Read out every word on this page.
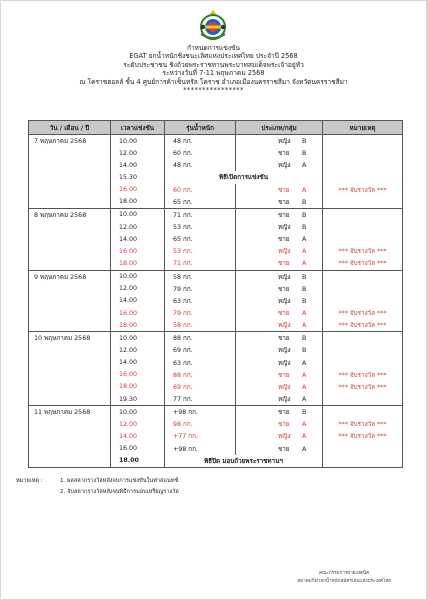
กำหนดการแข่งขัน
EGAT ยกน้ำหนักชิงชนะเลิศแห่งประเทศไทย ประจำปี 2568
ระดับประชาชน ชิงถ้วยพระราชทานพระบาทสมเด็จพระเจ้าอยู่หัว
ระหว่างวันที่ 7-11 พฤษภาคม 2568
ณ โคราชฮอลล์ ชั้น 4 ศูนย์การค้าเซ็นทรัล โคราช อำเภอเมืองนครราชสีมา จังหวัดนครราชสีมา
****************
วัน / เดือน / ปี	เวลาแข่งขัน	รุ่นน้ำหนัก	ประเภท/กลุ่ม	หมายเหตุ
7 พฤษภาคม 2568	10.00	48 กก.	หญิง B	
	12.00	60 กก.	ชาย B	
	14.00	48 กก.	หญิง A	
	15.30	พิธีเปิดการแข่งขัน		
	16.00	60 กก.	ชาย A	*** จับรางวัล ***
	18.00	65 กก.	ชาย B	
8 พฤษภาคม 2568	10.00	71 กก.	ชาย B	
	12.00	53 กก.	หญิง B	
	14.00	65 กก.	ชาย A	
	16.00	53 กก.	หญิง A	*** จับรางวัล ***
	18.00	71 กก.	ชาย A	*** จับรางวัล ***
9 พฤษภาคม 2568	10.00	58 กก.	หญิง B	
	12.00	79 กก.	ชาย B	
	14.00	63 กก.	หญิง B	
	16.00	79 กก.	ชาย A	*** จับรางวัล ***
	18.00	58 กก.	หญิง A	*** จับรางวัล ***
10 พฤษภาคม 2568	10.00	88 กก.	ชาย B	
	12.00	69 กก.	หญิง B	
	14.00	63 กก.	หญิง A	
	16.00	88 กก.	ชาย A	*** จับรางวัล ***
	18.00	69 กก.	หญิง A	*** จับรางวัล ***
	19.30	77 กก.	หญิง A	
11 พฤษภาคม 2568	10.00	+98 กก.	ชาย B	
	12.00	98 กก.	ชาย A	*** จับรางวัล ***
	14.00	+77 กก.	หญิง A	*** จับรางวัล ***
	16.00	+98 กก.	ชาย A	
	18.00	พิธีปิด มอบถ้วยพระราชทานฯ		
หมายเหตุ :	1. ผลสลากรางวัลหลังจบการแข่งขันในท่าสแนทช์
2. จับสลากรางวัลหลังจบพิธีการมอบเหรียญรางวัล
คณะกรรมการฝ่ายเทคนิค
สมาคมกีฬายกน้ำหนักสมัครเล่นแห่งประเทศไทย
